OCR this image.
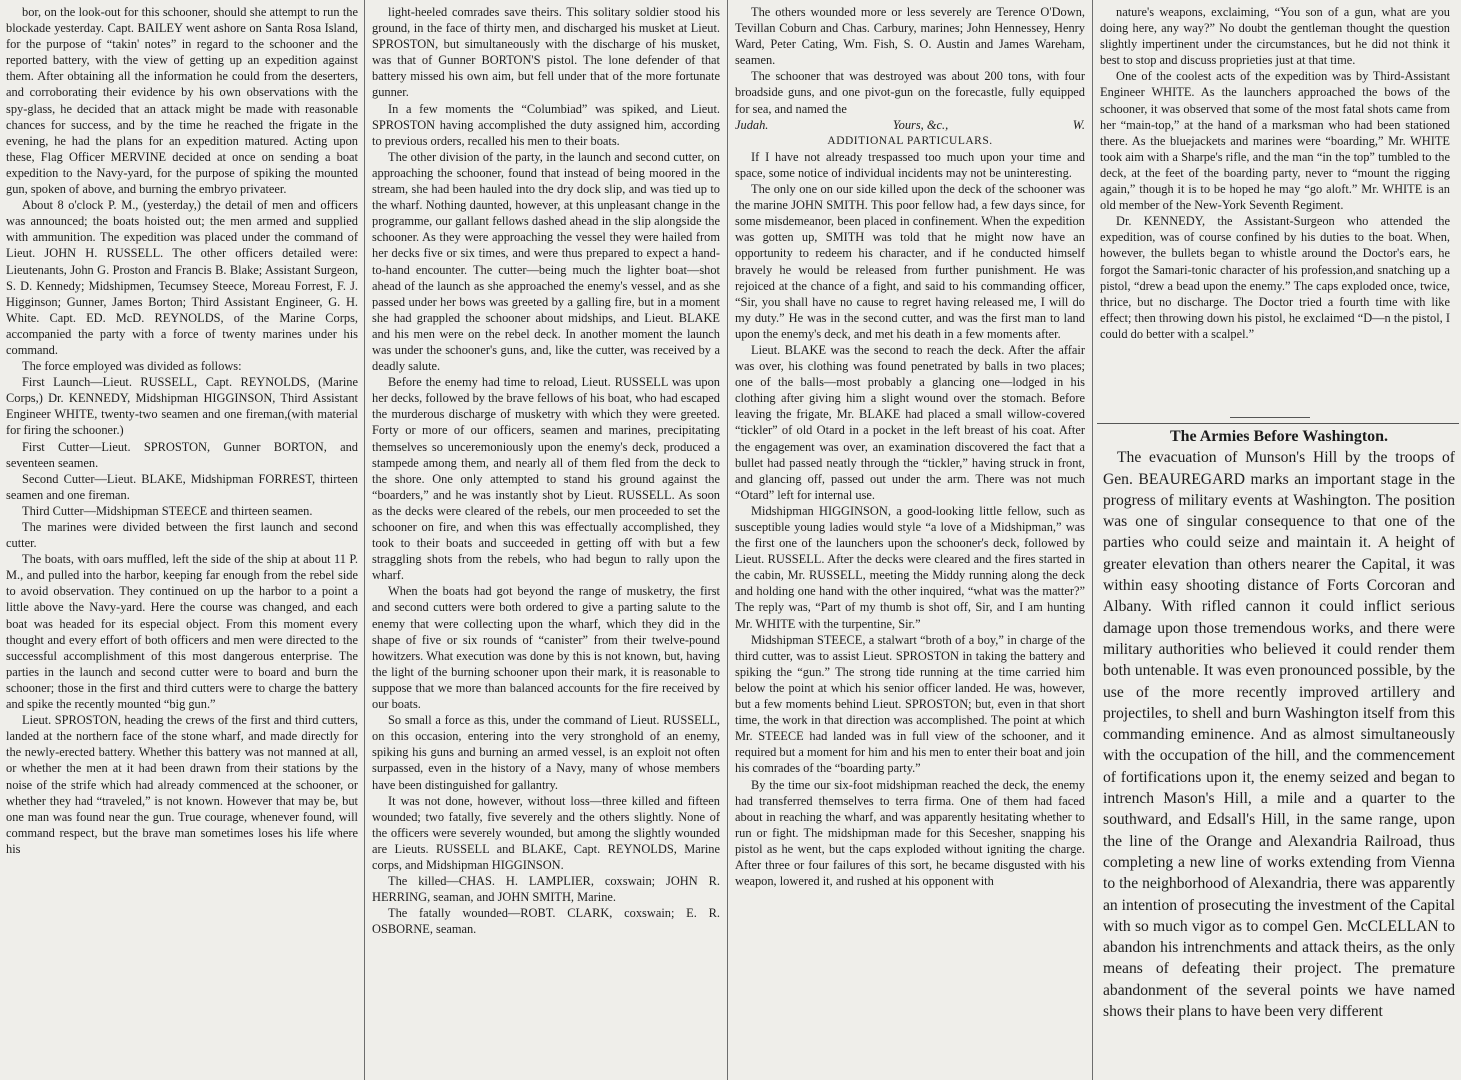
bor, on the look-out for this schooner, should she attempt to run the blockade yesterday. Capt. BAILEY went ashore on Santa Rosa Island, for the purpose of “takin' notes” in regard to the schooner and the reported battery, with the view of getting up an expedition against them. After obtaining all the information he could from the deserters, and corroborating their evidence by his own observations with the spy-glass, he decided that an attack might be made with reasonable chances for success, and by the time he reached the frigate in the evening, he had the plans for an expedition matured. Acting upon these, Flag Officer MERVINE decided at once on sending a boat expedition to the Navy-yard, for the purpose of spiking the mounted gun, spoken of above, and burning the embryo privateer.

About 8 o'clock P. M., (yesterday,) the detail of men and officers was announced; the boats hoisted out; the men armed and supplied with ammunition. The expedition was placed under the command of Lieut. JOHN H. RUSSELL. The other officers detailed were: Lieutenants, John G. Proston and Francis B. Blake; Assistant Surgeon, S. D. Kennedy; Midshipmen, Tecumsey Steece, Moreau Forrest, F. J. Higginson; Gunner, James Borton; Third Assistant Engineer, G. H. White. Capt. ED. McD. REYNOLDS, of the Marine Corps, accompanied the party with a force of twenty marines under his command.

The force employed was divided as follows:

First Launch—Lieut. RUSSELL, Capt. REYNOLDS, (Marine Corps,) Dr. KENNEDY, Midshipman HIGGINSON, Third Assistant Engineer WHITE, twenty-two seamen and one fireman,(with material for firing the schooner.)

First Cutter—Lieut. SPROSTON, Gunner BORTON, and seventeen seamen.

Second Cutter—Lieut. BLAKE, Midshipman FORREST, thirteen seamen and one fireman.

Third Cutter—Midshipman STEECE and thirteen seamen.

The marines were divided between the first launch and second cutter.

The boats, with oars muffled, left the side of the ship at about 11 P. M., and pulled into the harbor, keeping far enough from the rebel side to avoid observation. They continued on up the harbor to a point a little above the Navy-yard. Here the course was changed, and each boat was headed for its especial object. From this moment every thought and every effort of both officers and men were directed to the successful accomplishment of this most dangerous enterprise. The parties in the launch and second cutter were to board and burn the schooner; those in the first and third cutters were to charge the battery and spike the recently mounted “big gun.”

Lieut. SPROSTON, heading the crews of the first and third cutters, landed at the northern face of the stone wharf, and made directly for the newly-erected battery. Whether this battery was not manned at all, or whether the men at it had been drawn from their stations by the noise of the strife which had already commenced at the schooner, or whether they had “traveled,” is not known. However that may be, but one man was found near the gun. True courage, whenever found, will command respect, but the brave man sometimes loses his life where his

light-heeled comrades save theirs. This solitary soldier stood his ground, in the face of thirty men, and discharged his musket at Lieut. SPROSTON, but simultaneously with the discharge of his musket, was that of Gunner BORTON'S pistol. The lone defender of that battery missed his own aim, but fell under that of the more fortunate gunner.

In a few moments the “Columbiad” was spiked, and Lieut. SPROSTON having accomplished the duty assigned him, according to previous orders, recalled his men to their boats.

The other division of the party, in the launch and second cutter, on approaching the schooner, found that instead of being moored in the stream, she had been hauled into the dry dock slip, and was tied up to the wharf. Nothing daunted, however, at this unpleasant change in the programme, our gallant fellows dashed ahead in the slip alongside the schooner. As they were approaching the vessel they were hailed from her decks five or six times, and were thus prepared to expect a hand-to-hand encounter. The cutter—being much the lighter boat—shot ahead of the launch as she approached the enemy's vessel, and as she passed under her bows was greeted by a galling fire, but in a moment she had grappled the schooner about midships, and Lieut. BLAKE and his men were on the rebel deck. In another moment the launch was under the schooner's guns, and, like the cutter, was received by a deadly salute.

Before the enemy had time to reload, Lieut. RUSSELL was upon her decks, followed by the brave fellows of his boat, who had escaped the murderous discharge of musketry with which they were greeted. Forty or more of our officers, seamen and marines, precipitating themselves so unceremoniously upon the enemy's deck, produced a stampede among them, and nearly all of them fled from the deck to the shore. One only attempted to stand his ground against the “boarders,” and he was instantly shot by Lieut. RUSSELL. As soon as the decks were cleared of the rebels, our men proceeded to set the schooner on fire, and when this was effectually accomplished, they took to their boats and succeeded in getting off with but a few straggling shots from the rebels, who had begun to rally upon the wharf.

When the boats had got beyond the range of musketry, the first and second cutters were both ordered to give a parting salute to the enemy that were collecting upon the wharf, which they did in the shape of five or six rounds of “canister” from their twelve-pound howitzers. What execution was done by this is not known, but, having the light of the burning schooner upon their mark, it is reasonable to suppose that we more than balanced accounts for the fire received by our boats.

So small a force as this, under the command of Lieut. RUSSELL, on this occasion, entering into the very stronghold of an enemy, spiking his guns and burning an armed vessel, is an exploit not often surpassed, even in the history of a Navy, many of whose members have been distinguished for gallantry.

It was not done, however, without loss—three killed and fifteen wounded; two fatally, five severely and the others slightly. None of the officers were severely wounded, but among the slightly wounded are Lieuts. RUSSELL and BLAKE, Capt. REYNOLDS, Marine corps, and Midshipman HIGGINSON.

The killed—CHAS. H. LAMPLIER, coxswain; JOHN R. HERRING, seaman, and JOHN SMITH, Marine.

The fatally wounded—ROBT. CLARK, coxswain; E. R. OSBORNE, seaman.

The others wounded more or less severely are Terence O'Down, Tevillan Coburn and Chas. Carbury, marines; John Hennessey, Henry Ward, Peter Cating, Wm. Fish, S. O. Austin and James Wareham, seamen.

The schooner that was destroyed was about 200 tons, with four broadside guns, and one pivot-gun on the forecastle, fully equipped for sea, and named the

Judah.	Yours, &c.,	W.

ADDITIONAL PARTICULARS.

If I have not already trespassed too much upon your time and space, some notice of individual incidents may not be uninteresting.

The only one on our side killed upon the deck of the schooner was the marine JOHN SMITH. This poor fellow had, a few days since, for some misdemeanor, been placed in confinement. When the expedition was gotten up, SMITH was told that he might now have an opportunity to redeem his character, and if he conducted himself bravely he would be released from further punishment. He was rejoiced at the chance of a fight, and said to his commanding officer, “Sir, you shall have no cause to regret having released me, I will do my duty.” He was in the second cutter, and was the first man to land upon the enemy's deck, and met his death in a few moments after.

Lieut. BLAKE was the second to reach the deck. After the affair was over, his clothing was found penetrated by balls in two places; one of the balls—most probably a glancing one—lodged in his clothing after giving him a slight wound over the stomach. Before leaving the frigate, Mr. BLAKE had placed a small willow-covered “tickler” of old Otard in a pocket in the left breast of his coat. After the engagement was over, an examination discovered the fact that a bullet had passed neatly through the “tickler,” having struck in front, and glancing off, passed out under the arm. There was not much “Otard” left for internal use.

Midshipman HIGGINSON, a good-looking little fellow, such as susceptible young ladies would style “a love of a Midshipman,” was the first one of the launchers upon the schooner's deck, followed by Lieut. RUSSELL. After the decks were cleared and the fires started in the cabin, Mr. RUSSELL, meeting the Middy running along the deck and holding one hand with the other inquired, “what was the matter?” The reply was, “Part of my thumb is shot off, Sir, and I am hunting Mr. WHITE with the turpentine, Sir.”

Midshipman STEECE, a stalwart “broth of a boy,” in charge of the third cutter, was to assist Lieut. SPROSTON in taking the battery and spiking the “gun.” The strong tide running at the time carried him below the point at which his senior officer landed. He was, however, but a few moments behind Lieut. SPROSTON; but, even in that short time, the work in that direction was accomplished. The point at which Mr. STEECE had landed was in full view of the schooner, and it required but a moment for him and his men to enter their boat and join his comrades of the “boarding party.”

By the time our six-foot midshipman reached the deck, the enemy had transferred themselves to terra firma. One of them had faced about in reaching the wharf, and was apparently hesitating whether to run or fight. The midshipman made for this Secesher, snapping his pistol as he went, but the caps exploded without igniting the charge. After three or four failures of this sort, he became disgusted with his weapon, lowered it, and rushed at his opponent with

nature's weapons, exclaiming, “You son of a gun, what are you doing here, any way?” No doubt the gentleman thought the question slightly impertinent under the circumstances, but he did not think it best to stop and discuss proprieties just at that time.

One of the coolest acts of the expedition was by Third-Assistant Engineer WHITE. As the launchers approached the bows of the schooner, it was observed that some of the most fatal shots came from her “main-top,” at the hand of a marksman who had been stationed there. As the bluejackets and marines were “boarding,” Mr. WHITE took aim with a Sharpe's rifle, and the man “in the top” tumbled to the deck, at the feet of the boarding party, never to “mount the rigging again,” though it is to be hoped he may “go aloft.” Mr. WHITE is an old member of the New-York Seventh Regiment.

Dr. KENNEDY, the Assistant-Surgeon who attended the expedition, was of course confined by his duties to the boat. When, however, the bullets began to whistle around the Doctor's ears, he forgot the Samari-tonic character of his profession,and snatching up a pistol, “drew a bead upon the enemy.” The caps exploded once, twice, thrice, but no discharge. The Doctor tried a fourth time with like effect; then throwing down his pistol, he exclaimed “D—n the pistol, I could do better with a scalpel.”

The Armies Before Washington.

The evacuation of Munson's Hill by the troops of Gen. BEAUREGARD marks an important stage in the progress of military events at Washington. The position was one of singular consequence to that one of the parties who could seize and maintain it. A height of greater elevation than others nearer the Capital, it was within easy shooting distance of Forts Corcoran and Albany. With rifled cannon it could inflict serious damage upon those tremendous works, and there were military authorities who believed it could render them both untenable. It was even pronounced possible, by the use of the more recently improved artillery and projectiles, to shell and burn Washington itself from this commanding eminence. And as almost simultaneously with the occupation of the hill, and the commencement of fortifications upon it, the enemy seized and began to intrench Mason's Hill, a mile and a quarter to the southward, and Edsall's Hill, in the same range, upon the line of the Orange and Alexandria Railroad, thus completing a new line of works extending from Vienna to the neighborhood of Alexandria, there was apparently an intention of prosecuting the investment of the Capital with so much vigor as to compel Gen. McCLELLAN to abandon his intrenchments and attack theirs, as the only means of defeating their project. The premature abandonment of the several points we have named shows their plans to have been very different
